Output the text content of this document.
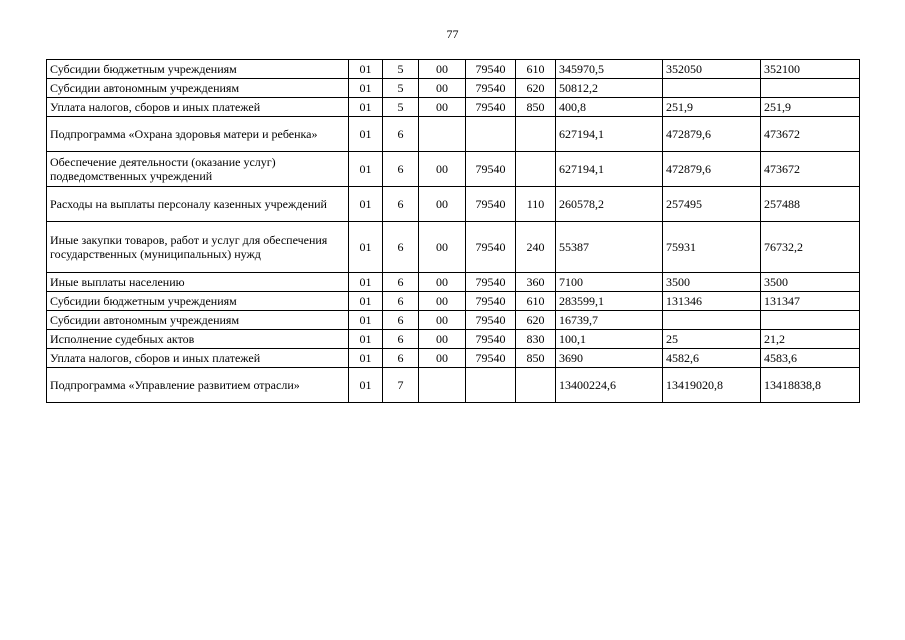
77
Субсидии бюджетным учреждениям	01	5	00	79540	610	345970,5	352050	352100
Субсидии автономным учреждениям	01	5	00	79540	620	50812,2		
Уплата налогов, сборов и иных платежей	01	5	00	79540	850	400,8	251,9	251,9
Подпрограмма «Охрана здоровья матери и ребенка»	01	6				627194,1	472879,6	473672
Обеспечение деятельности (оказание услуг) подведомственных учреждений	01	6	00	79540		627194,1	472879,6	473672
Расходы на выплаты персоналу казенных учреждений	01	6	00	79540	110	260578,2	257495	257488
Иные закупки товаров, работ и услуг для обеспечения государственных (муниципальных) нужд	01	6	00	79540	240	55387	75931	76732,2
Иные выплаты населению	01	6	00	79540	360	7100	3500	3500
Субсидии бюджетным учреждениям	01	6	00	79540	610	283599,1	131346	131347
Субсидии автономным учреждениям	01	6	00	79540	620	16739,7		
Исполнение судебных актов	01	6	00	79540	830	100,1	25	21,2
Уплата налогов, сборов и иных платежей	01	6	00	79540	850	3690	4582,6	4583,6
Подпрограмма «Управление развитием отрасли»	01	7				13400224,6	13419020,8	13418838,8
